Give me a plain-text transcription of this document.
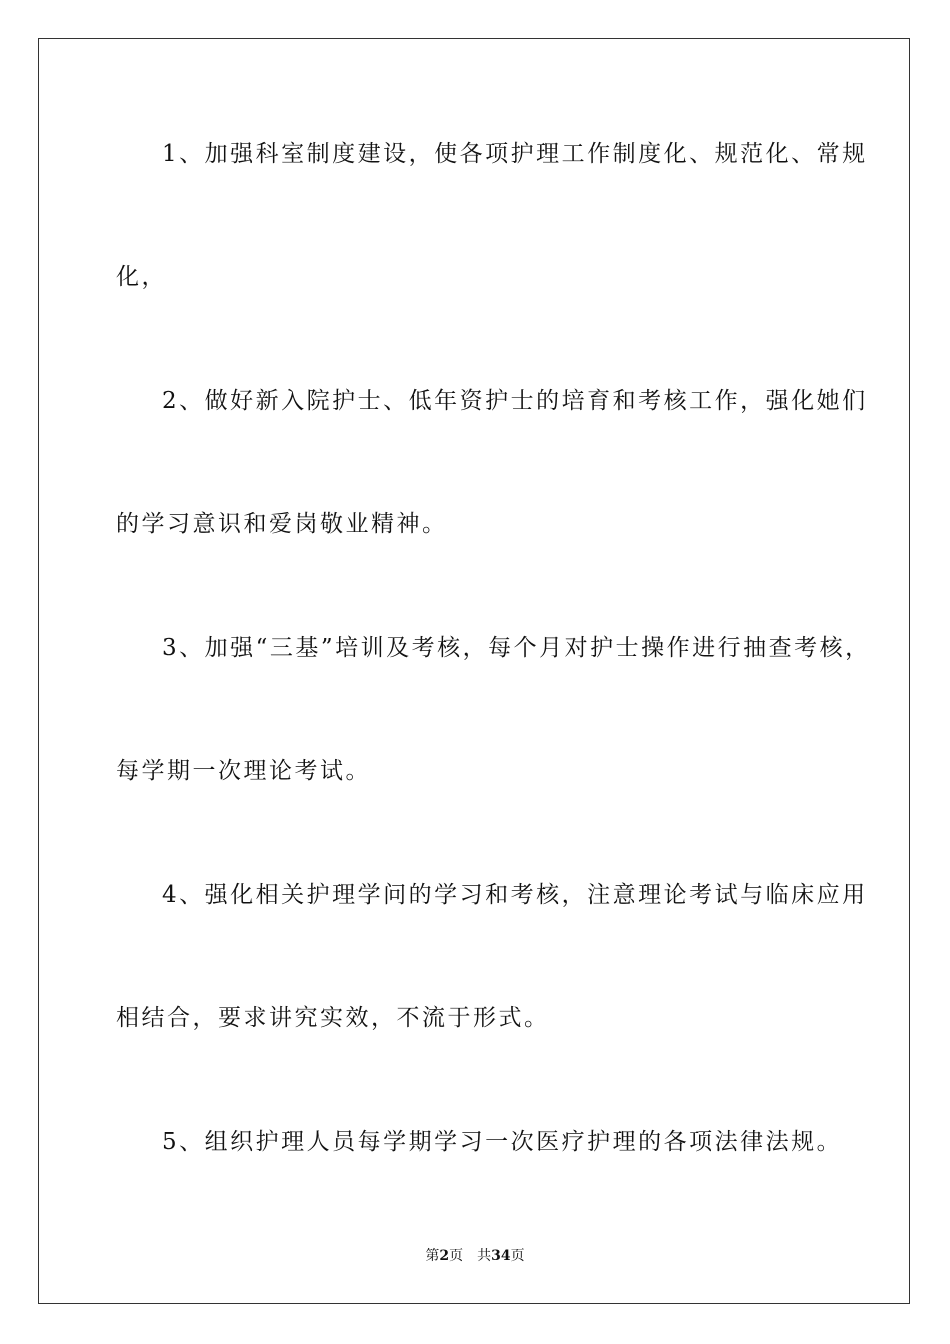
1、加强科室制度建设，使各项护理工作制度化、规范化、常规
化，
2、做好新入院护士、低年资护士的培育和考核工作，强化她们
的学习意识和爱岗敬业精神。
3、加强“三基”培训及考核，每个月对护士操作进行抽查考核，
每学期一次理论考试。
4、强化相关护理学问的学习和考核，注意理论考试与临床应用
相结合，要求讲究实效，不流于形式。
5、组织护理人员每学期学习一次医疗护理的各项法律法规。
第2页 共34页
